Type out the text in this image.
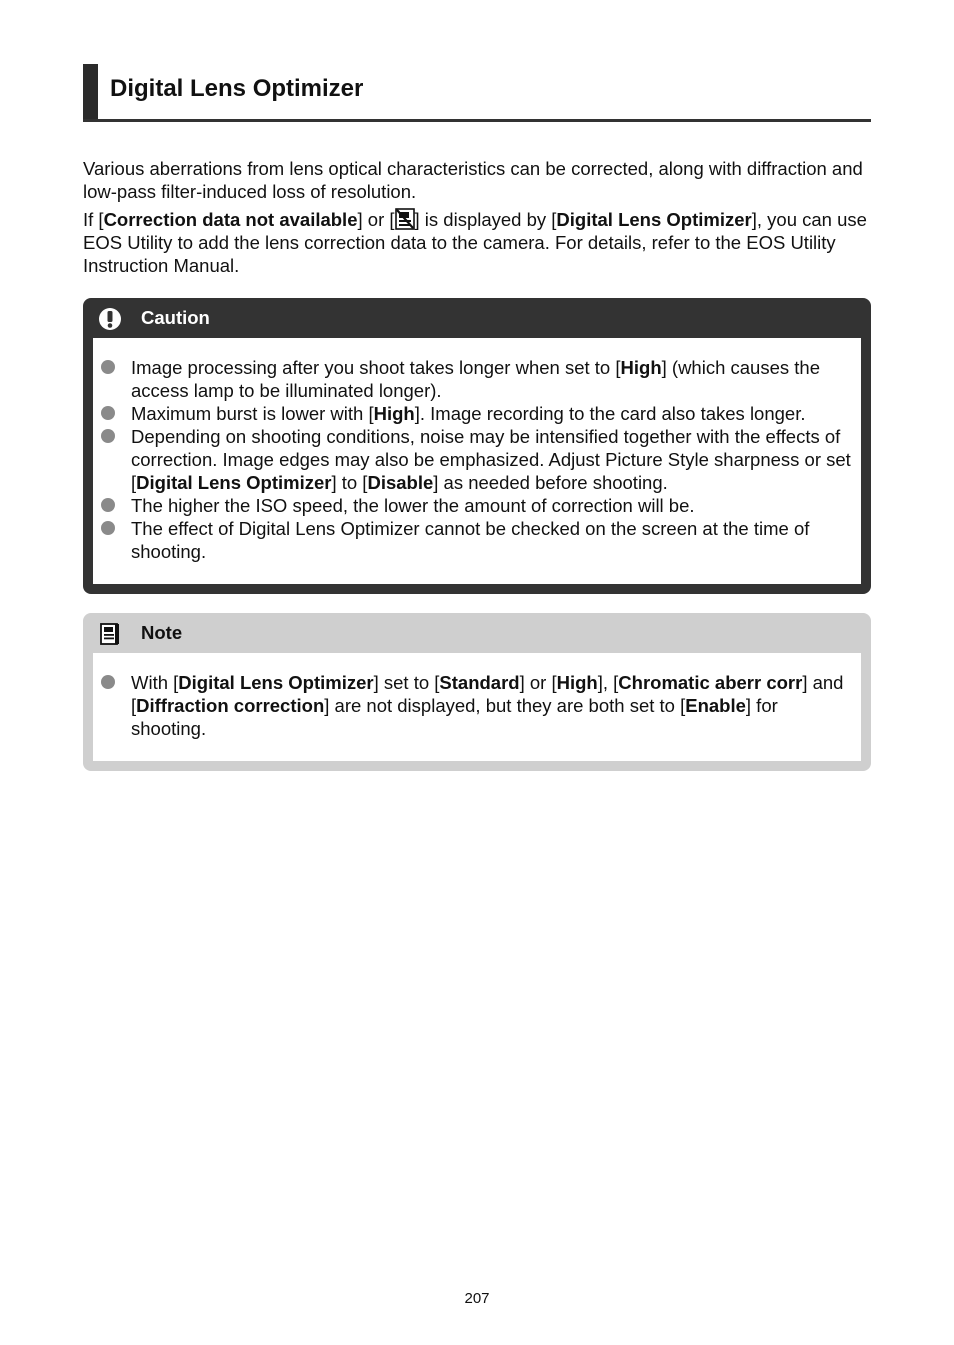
Digital Lens Optimizer

Various aberrations from lens optical characteristics can be corrected, along with diffraction and low-pass filter-induced loss of resolution.

If [Correction data not available] or [ ] is displayed by [Digital Lens Optimizer], you can use EOS Utility to add the lens correction data to the camera. For details, refer to the EOS Utility Instruction Manual.

Caution
Image processing after you shoot takes longer when set to [High] (which causes the access lamp to be illuminated longer).
Maximum burst is lower with [High]. Image recording to the card also takes longer.
Depending on shooting conditions, noise may be intensified together with the effects of correction. Image edges may also be emphasized. Adjust Picture Style sharpness or set [Digital Lens Optimizer] to [Disable] as needed before shooting.
The higher the ISO speed, the lower the amount of correction will be.
The effect of Digital Lens Optimizer cannot be checked on the screen at the time of shooting.
Note
With [Digital Lens Optimizer] set to [Standard] or [High], [Chromatic aberr corr] and [Diffraction correction] are not displayed, but they are both set to [Enable] for shooting.
207
